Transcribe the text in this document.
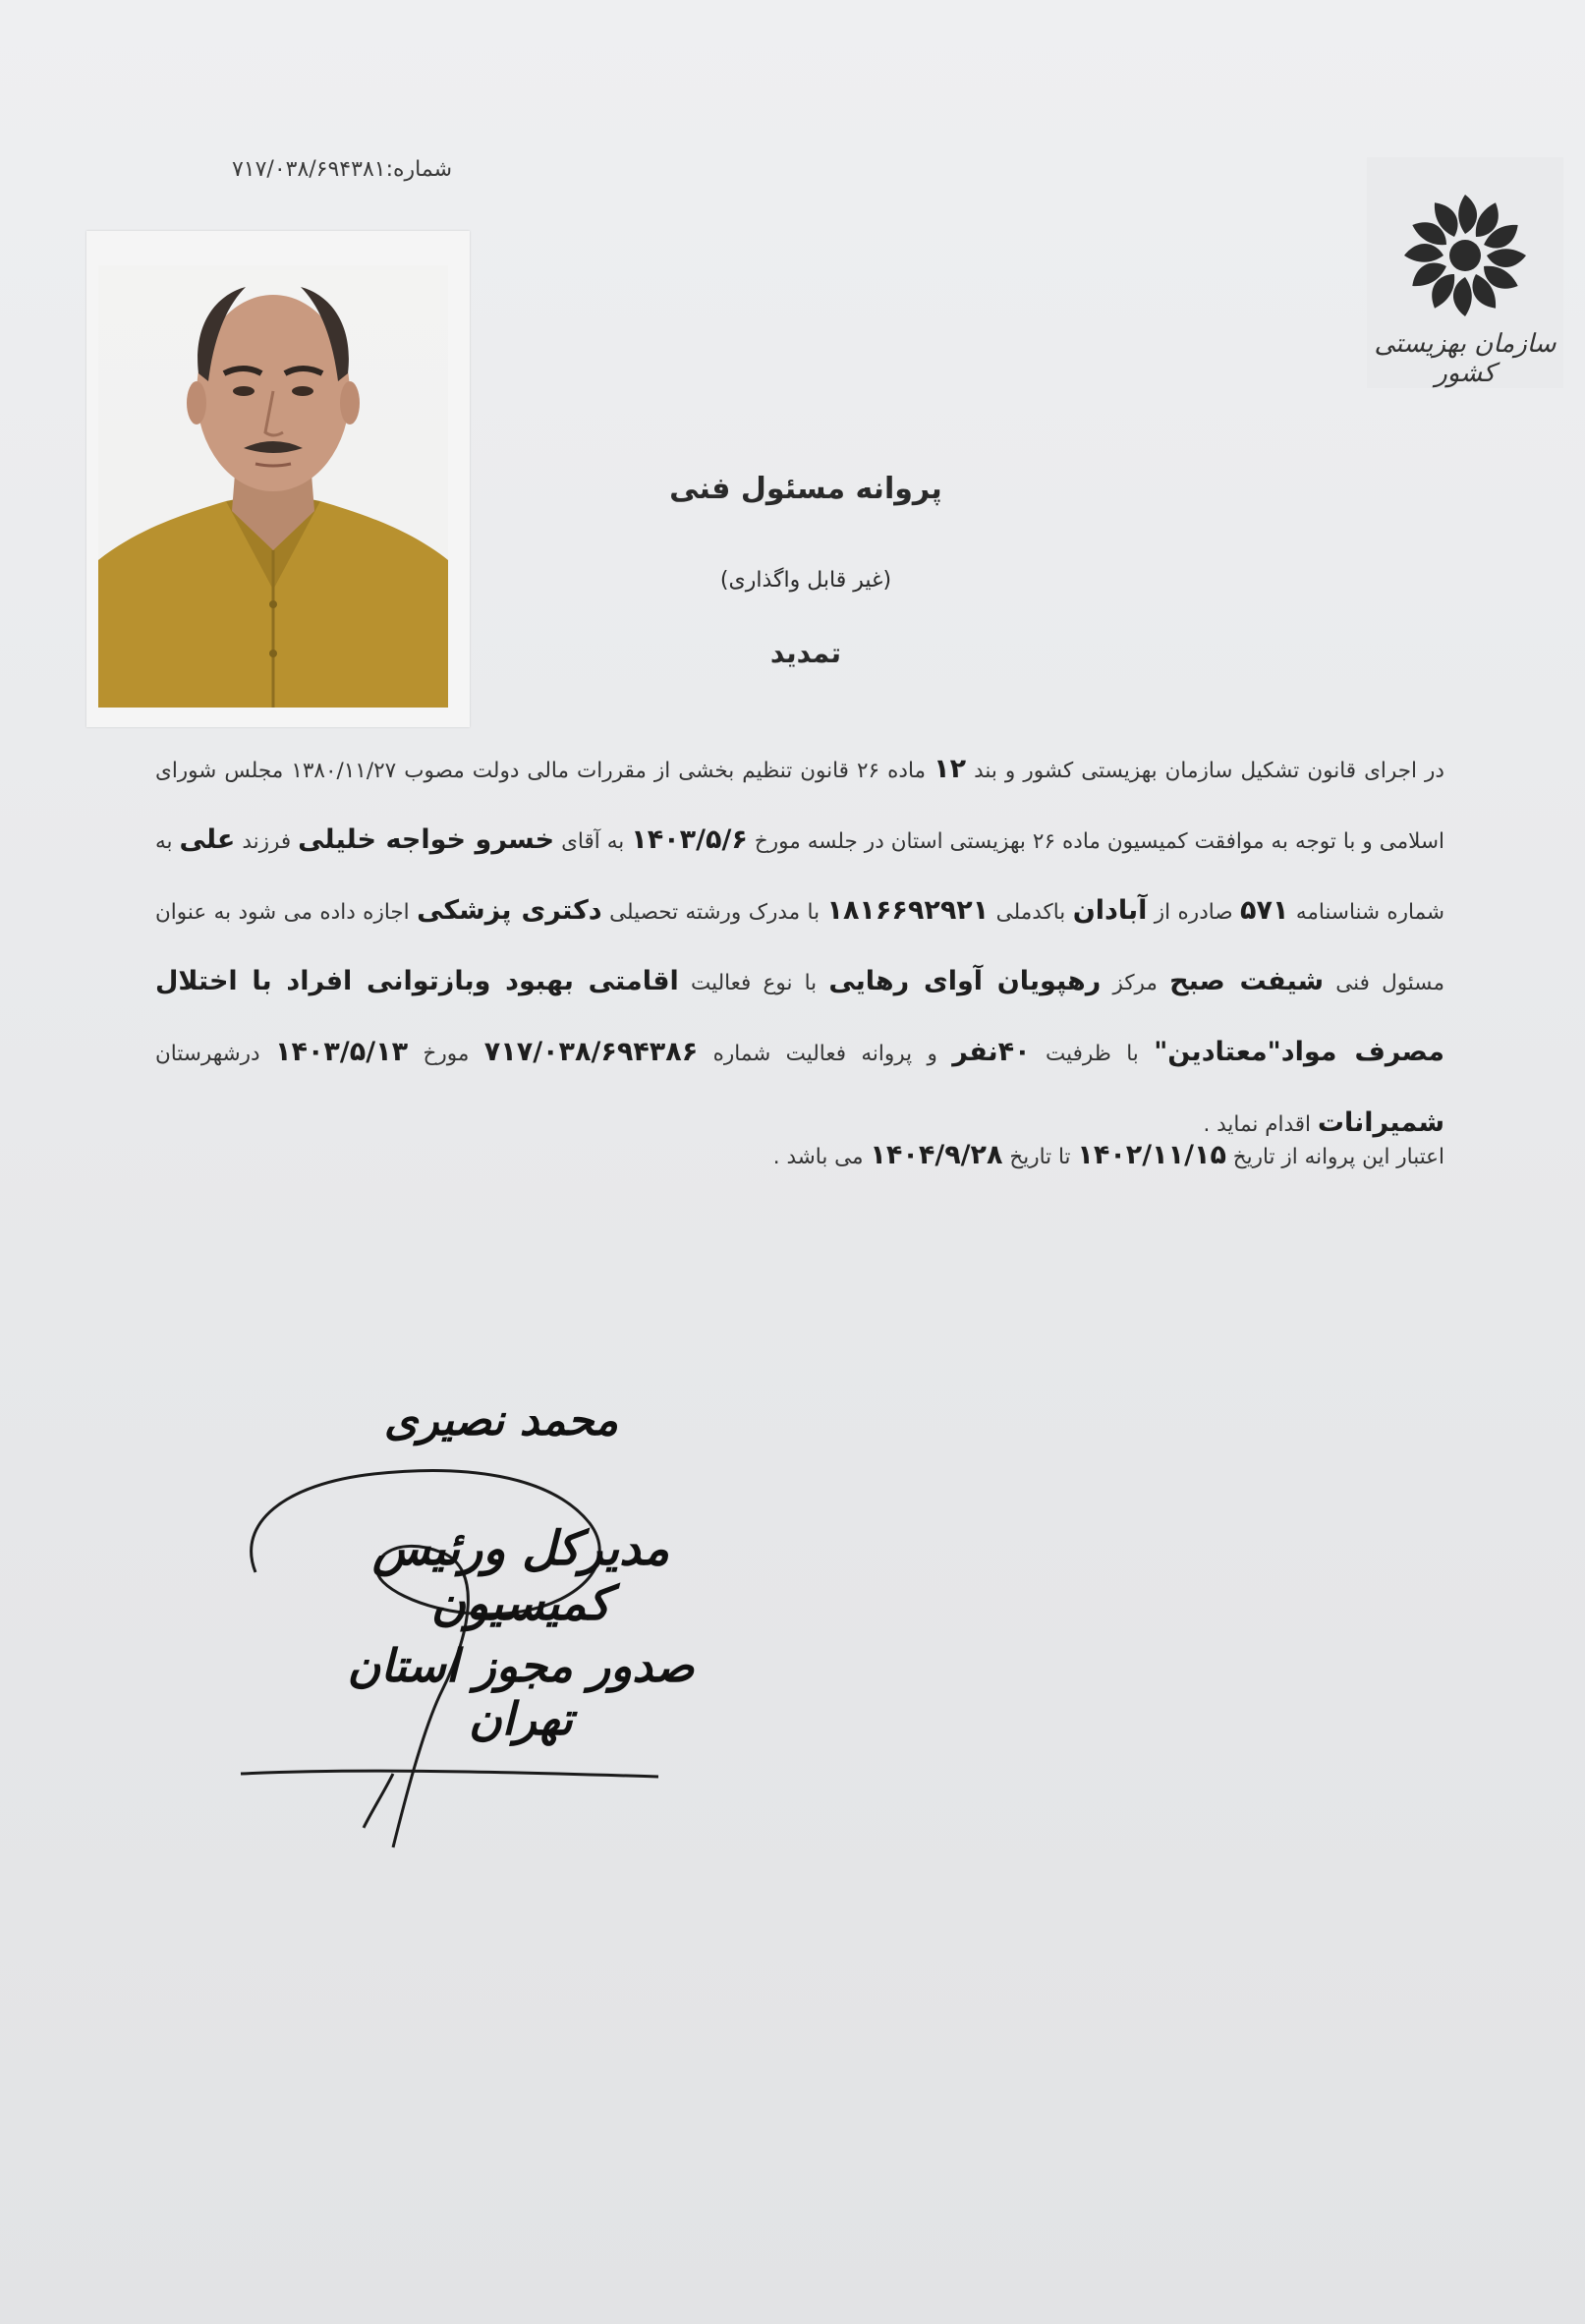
شماره:۷۱۷/۰۳۸/۶۹۴۳۸۱
سازمان بهزیستی کشور
پروانه مسئول فنی
(غیر قابل واگذاری)
تمدید
در اجرای قانون تشکیل سازمان بهزیستی کشور و بند ۱۲ ماده ۲۶ قانون تنظیم بخشی از مقررات مالی دولت مصوب ۱۳۸۰/۱۱/۲۷ مجلس شورای اسلامی و با توجه به موافقت کمیسیون ماده ۲۶ بهزیستی استان در جلسه مورخ ۱۴۰۳/۵/۶ به آقای خسرو خواجه خلیلی فرزند علی به شماره شناسنامه ۵۷۱ صادره از آبادان باکدملی ۱۸۱۶۶۹۲۹۲۱ با مدرک ورشته تحصیلی دکتری پزشکی اجازه داده می شود به عنوان مسئول فنی شیفت صبح مرکز رهپویان آوای رهایی با نوع فعالیت اقامتی بهبود وبازتوانی افراد با اختلال مصرف مواد"معتادین" با ظرفیت ۴۰نفر و پروانه فعالیت شماره ۷۱۷/۰۳۸/۶۹۴۳۸۶ مورخ ۱۴۰۳/۵/۱۳ درشهرستان شمیرانات اقدام نماید .
اعتبار این پروانه از تاریخ ۱۴۰۲/۱۱/۱۵ تا تاریخ ۱۴۰۴/۹/۲۸ می باشد .
محمد نصیری
مدیرکل ورئیس کمیسیون
صدور مجوز استان تهران
